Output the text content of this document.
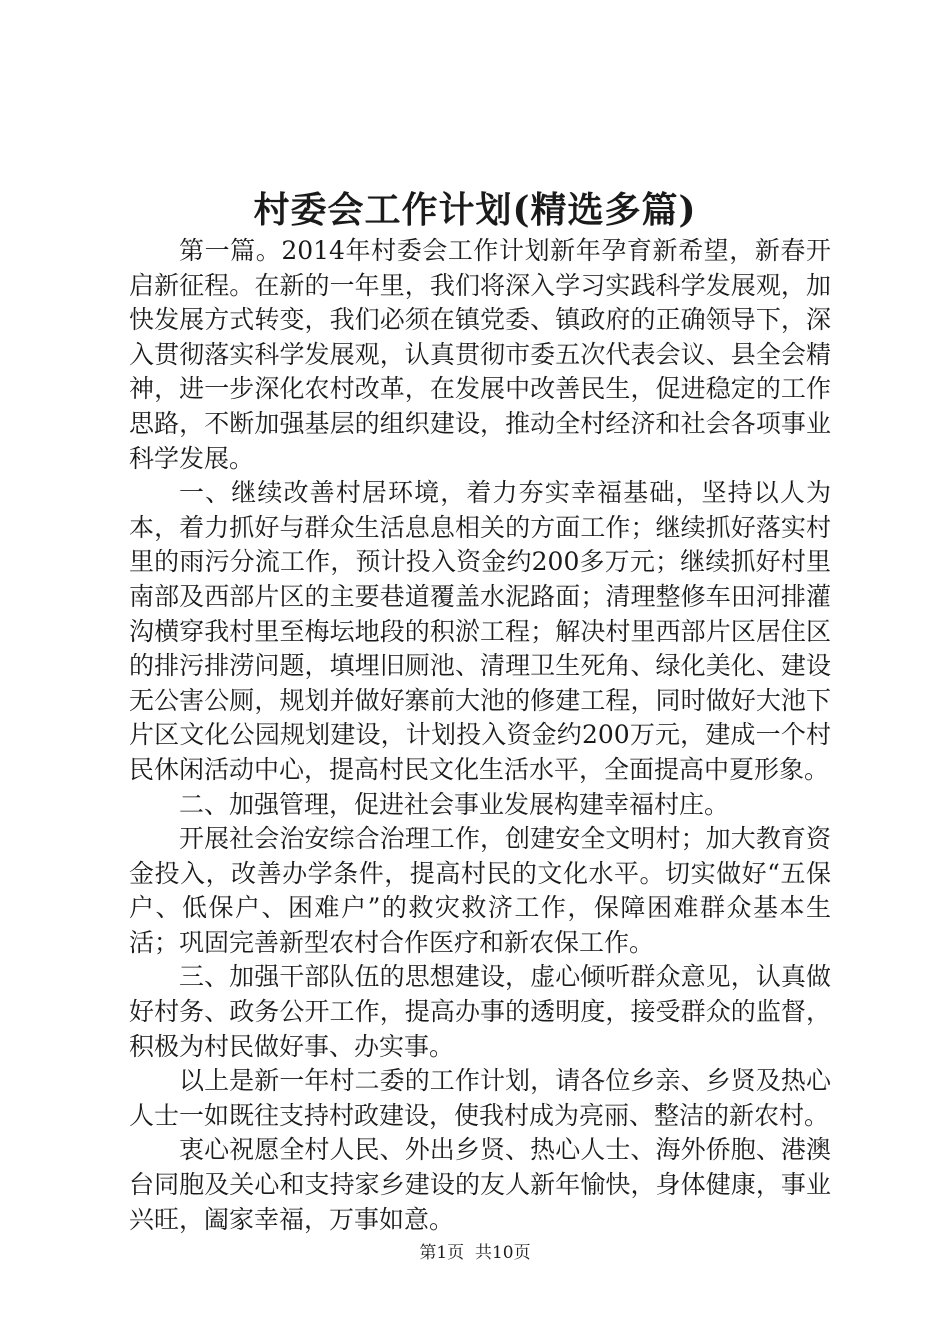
村委会工作计划(精选多篇)

第一篇。2014年村委会工作计划新年孕育新希望，新春开启新征程。在新的一年里，我们将深入学习实践科学发展观，加快发展方式转变，我们必须在镇党委、镇政府的正确领导下，深入贯彻落实科学发展观，认真贯彻市委五次代表会议、县全会精神，进一步深化农村改革，在发展中改善民生，促进稳定的工作思路，不断加强基层的组织建设，推动全村经济和社会各项事业科学发展。

一、继续改善村居环境，着力夯实幸福基础，坚持以人为本，着力抓好与群众生活息息相关的方面工作；继续抓好落实村里的雨污分流工作，预计投入资金约200多万元；继续抓好村里南部及西部片区的主要巷道覆盖水泥路面；清理整修车田河排灌沟横穿我村里至梅坛地段的积淤工程；解决村里西部片区居住区的排污排涝问题，填埋旧厕池、清理卫生死角、绿化美化、建设无公害公厕，规划并做好寨前大池的修建工程，同时做好大池下片区文化公园规划建设，计划投入资金约200万元，建成一个村民休闲活动中心，提高村民文化生活水平，全面提高中夏形象。

二、加强管理，促进社会事业发展构建幸福村庄。

开展社会治安综合治理工作，创建安全文明村；加大教育资金投入，改善办学条件，提高村民的文化水平。切实做好“五保户、低保户、困难户”的救灾救济工作，保障困难群众基本生活；巩固完善新型农村合作医疗和新农保工作。

三、加强干部队伍的思想建设，虚心倾听群众意见，认真做好村务、政务公开工作，提高办事的透明度，接受群众的监督，积极为村民做好事、办实事。

以上是新一年村二委的工作计划，请各位乡亲、乡贤及热心人士一如既往支持村政建设，使我村成为亮丽、整洁的新农村。

衷心祝愿全村人民、外出乡贤、热心人士、海外侨胞、港澳台同胞及关心和支持家乡建设的友人新年愉快，身体健康，事业兴旺，阖家幸福，万事如意。

第1页  共10页
